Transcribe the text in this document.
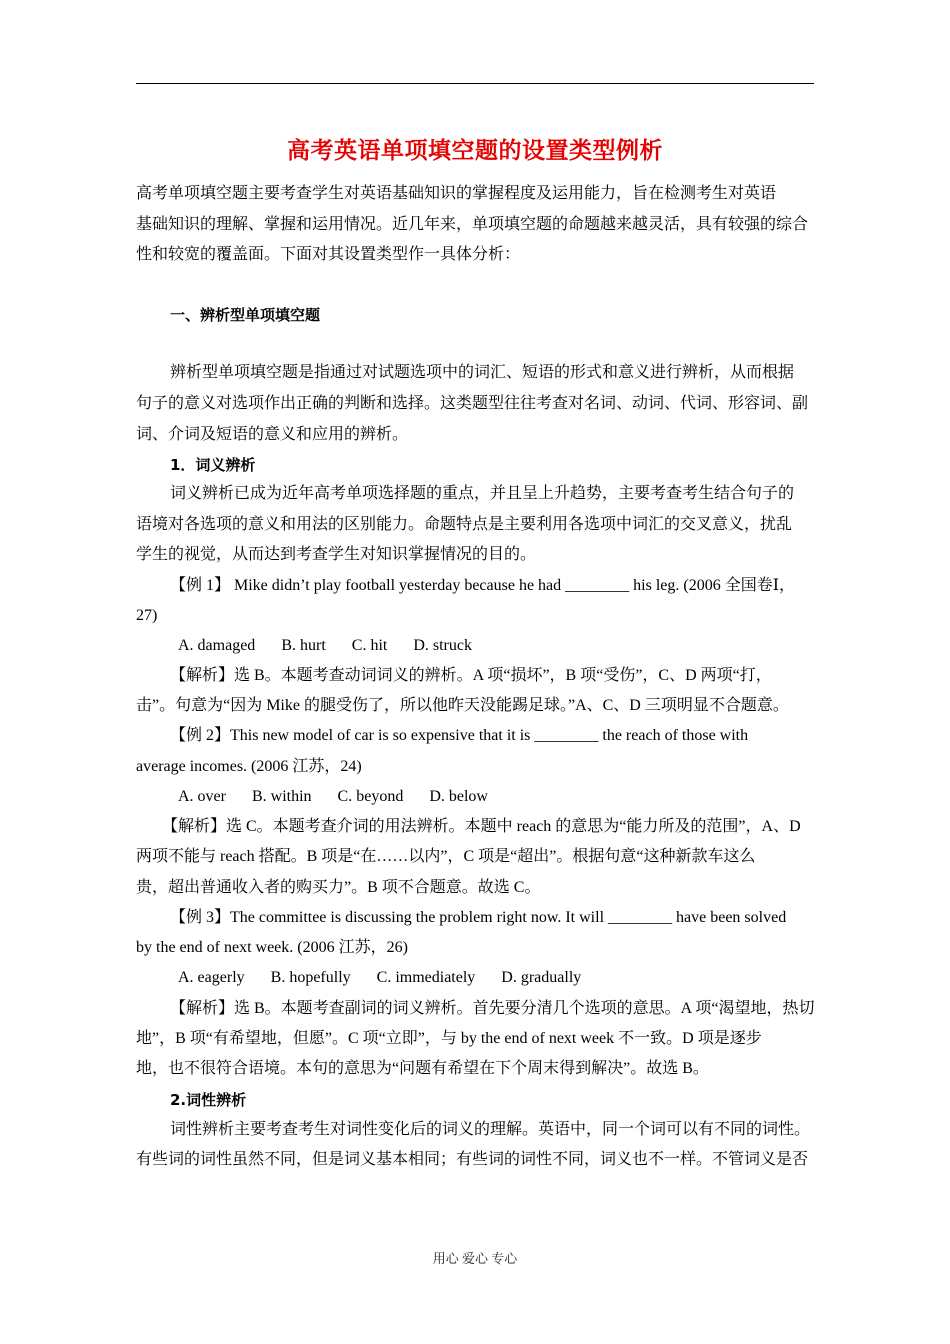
高考英语单项填空题的设置类型例析
高考单项填空题主要考查学生对英语基础知识的掌握程度及运用能力，旨在检测考生对英语
基础知识的理解、掌握和运用情况。近几年来，单项填空题的命题越来越灵活，具有较强的综合
性和较宽的覆盖面。下面对其设置类型作一具体分析：
一、辨析型单项填空题
辨析型单项填空题是指通过对试题选项中的词汇、短语的形式和意义进行辨析，从而根据
句子的意义对选项作出正确的判断和选择。这类题型往往考查对名词、动词、代词、形容词、副
词、介词及短语的意义和应用的辨析。
1．词义辨析
词义辨析已成为近年高考单项选择题的重点，并且呈上升趋势，主要考查考生结合句子的
语境对各选项的意义和用法的区别能力。命题特点是主要利用各选项中词汇的交叉意义，扰乱
学生的视觉，从而达到考查学生对知识掌握情况的目的。
【例 1】 Mike didn’t play football yesterday because he had ________ his leg. (2006 全国卷Ⅰ，
27)
A. damaged B. hurt C. hit D. struck
【解析】选 B。本题考查动词词义的辨析。A 项“损坏”，B 项“受伤”，C、D 两项“打，
击”。句意为“因为 Mike 的腿受伤了，所以他昨天没能踢足球。”A、C、D 三项明显不合题意。
【例 2】This new model of car is so expensive that it is ________ the reach of those with
average incomes. (2006 江苏，24)
A. over B. within C. beyond D. below
【解析】选 C。本题考查介词的用法辨析。本题中 reach 的意思为“能力所及的范围”，A、D
两项不能与 reach 搭配。B 项是“在……以内”，C 项是“超出”。根据句意“这种新款车这么
贵，超出普通收入者的购买力”。B 项不合题意。故选 C。
【例 3】The committee is discussing the problem right now. It will ________ have been solved
by the end of next week. (2006 江苏，26)
A. eagerly B. hopefully C. immediately D. gradually
【解析】选 B。本题考查副词的词义辨析。首先要分清几个选项的意思。A 项“渴望地，热切
地”，B 项“有希望地，但愿”。C 项“立即”，与 by the end of next week 不一致。D 项是逐步
地，也不很符合语境。本句的意思为“问题有希望在下个周末得到解决”。故选 B。
2.词性辨析
词性辨析主要考查考生对词性变化后的词义的理解。英语中，同一个词可以有不同的词性。
有些词的词性虽然不同，但是词义基本相同；有些词的词性不同，词义也不一样。不管词义是否
用心 爱心 专心
